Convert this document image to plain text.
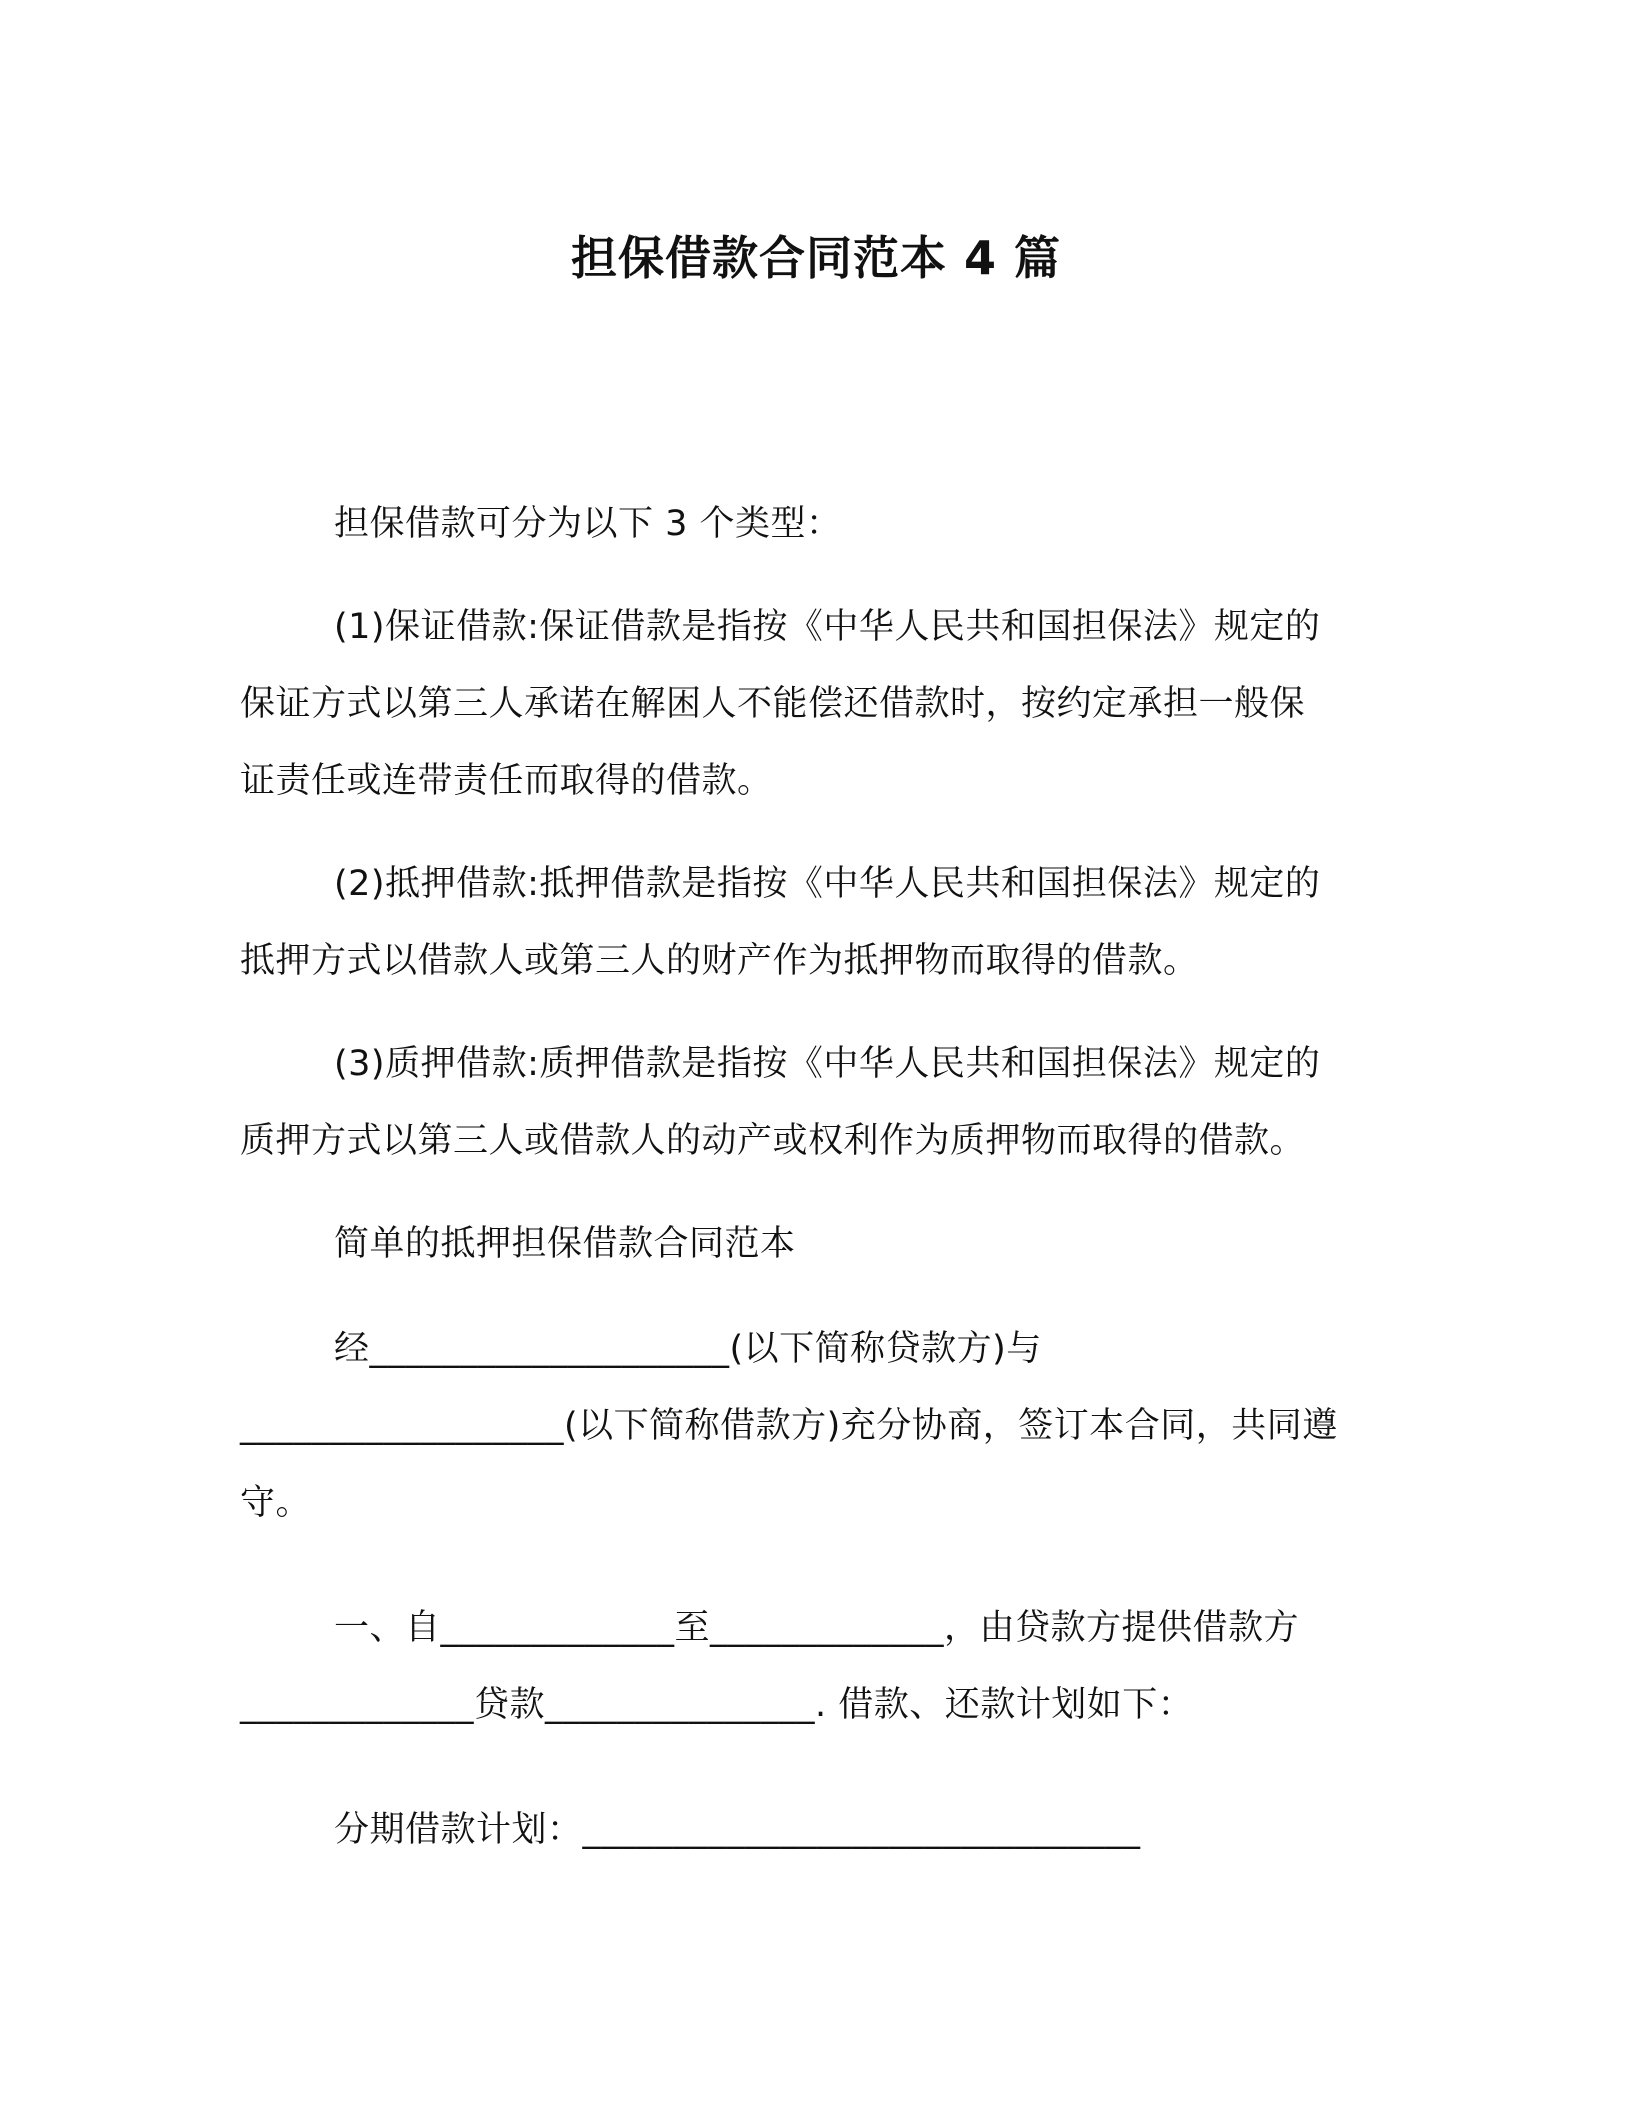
担保借款合同范本 4 篇

担保借款可分为以下 3 个类型：

(1)保证借款:保证借款是指按《中华人民共和国担保法》规定的
保证方式以第三人承诺在解困人不能偿还借款时，按约定承担一般保
证责任或连带责任而取得的借款。

(2)抵押借款:抵押借款是指按《中华人民共和国担保法》规定的
抵押方式以借款人或第三人的财产作为抵押物而取得的借款。

(3)质押借款:质押借款是指按《中华人民共和国担保法》规定的
质押方式以第三人或借款人的动产或权利作为质押物而取得的借款。

简单的抵押担保借款合同范本

经____________________(以下简称贷款方)与
__________________(以下简称借款方)充分协商，签订本合同，共同遵
守。

一、自_____________至_____________，由贷款方提供借款方
_____________贷款_______________. 借款、还款计划如下：

分期借款计划：_______________________________
